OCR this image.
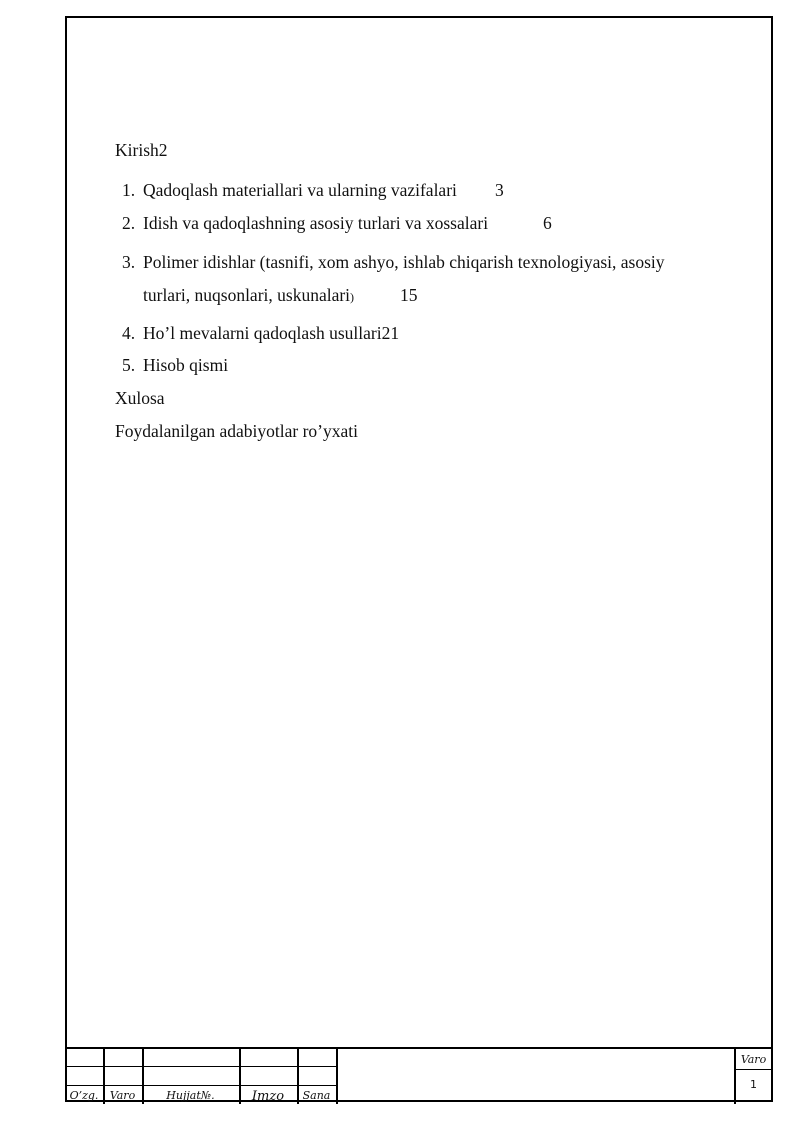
Kirish2
1. Qadoqlash materiallari va ularning vazifalari 3
2. Idish va qadoqlashning asosiy turlari va xossalari	6
3. Polimer idishlar (tasnifi, xom ashyo, ishlab chiqarish texnologiyasi, asosiy
turlari, nuqsonlari, uskunalari)	15
4. Ho’l mevalarni qadoqlash usullari21
5. Hisob qismi
Xulosa
Foydalanilgan adabiyotlar ro’yxati
O’zg.	Varo	Hujjat№.	Imzo	Sana
Varo
1
